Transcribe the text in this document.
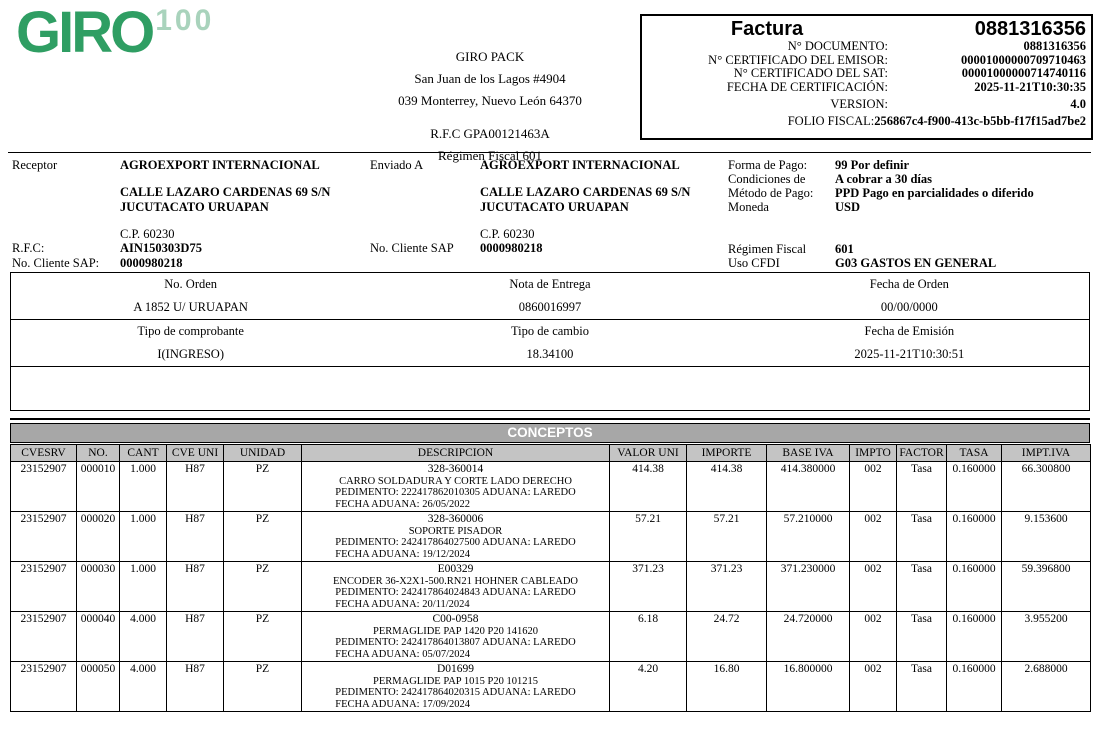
GIRO 100
GIRO PACK
San Juan de los Lagos #4904
039 Monterrey, Nuevo León 64370
R.F.C GPA00121463A
Régimen Fiscal 601
Factura	0881316356
N° DOCUMENTO:	0881316356
N° CERTIFICADO DEL EMISOR:	00001000000709710463
N° CERTIFICADO DEL SAT:	00001000000714740116
FECHA DE CERTIFICACIÓN:	2025-11-21T10:30:35
VERSION:	4.0
FOLIO FISCAL: 256867c4-f900-413c-b5bb-f17f15ad7be2
Receptor	AGROEXPORT INTERNACIONAL
CALLE LAZARO CARDENAS 69 S/N
JUCUTACATO URUAPAN
C.P. 60230
R.F.C:	AIN150303D75
No. Cliente SAP: 0000980218
Enviado A	AGROEXPORT INTERNACIONAL
CALLE LAZARO CARDENAS 69 S/N
JUCUTACATO URUAPAN
C.P. 60230
No. Cliente SAP 0000980218
Forma de Pago:	99 Por definir
Condiciones de	A cobrar a 30 días
Método de Pago:	PPD Pago en parcialidades o diferido
Moneda	USD
Régimen Fiscal	601
Uso CFDI	G03 GASTOS EN GENERAL
No. Orden	Nota de Entrega	Fecha de Orden
A 1852 U/ URUAPAN	0860016997	00/00/0000
Tipo de comprobante	Tipo de cambio	Fecha de Emisión
I(INGRESO)	18.34100	2025-11-21T10:30:51
CONCEPTOS
CVESRV	NO.	CANT	CVE UNI	UNIDAD	DESCRIPCION	VALOR UNI	IMPORTE	BASE IVA	IMPTO	FACTOR	TASA	IMPT.IVA
23152907	000010	1.000	H87	PZ	328-360014
CARRO SOLDADURA Y CORTE LADO DERECHO
PEDIMENTO: 222417862010305 ADUANA: LAREDO
FECHA ADUANA: 26/05/2022	414.38	414.38	414.380000	002	Tasa	0.160000	66.300800
23152907	000020	1.000	H87	PZ	328-360006
SOPORTE PISADOR
PEDIMENTO: 242417864027500 ADUANA: LAREDO
FECHA ADUANA: 19/12/2024	57.21	57.21	57.210000	002	Tasa	0.160000	9.153600
23152907	000030	1.000	H87	PZ	E00329
ENCODER 36-X2X1-500.RN21 HOHNER CABLEADO
PEDIMENTO: 242417864024843 ADUANA: LAREDO
FECHA ADUANA: 20/11/2024	371.23	371.23	371.230000	002	Tasa	0.160000	59.396800
23152907	000040	4.000	H87	PZ	C00-0958
PERMAGLIDE PAP 1420 P20 141620
PEDIMENTO: 242417864013807 ADUANA: LAREDO
FECHA ADUANA: 05/07/2024	6.18	24.72	24.720000	002	Tasa	0.160000	3.955200
23152907	000050	4.000	H87	PZ	D01699
PERMAGLIDE PAP 1015 P20 101215
PEDIMENTO: 242417864020315 ADUANA: LAREDO
FECHA ADUANA: 17/09/2024	4.20	16.80	16.800000	002	Tasa	0.160000	2.688000
